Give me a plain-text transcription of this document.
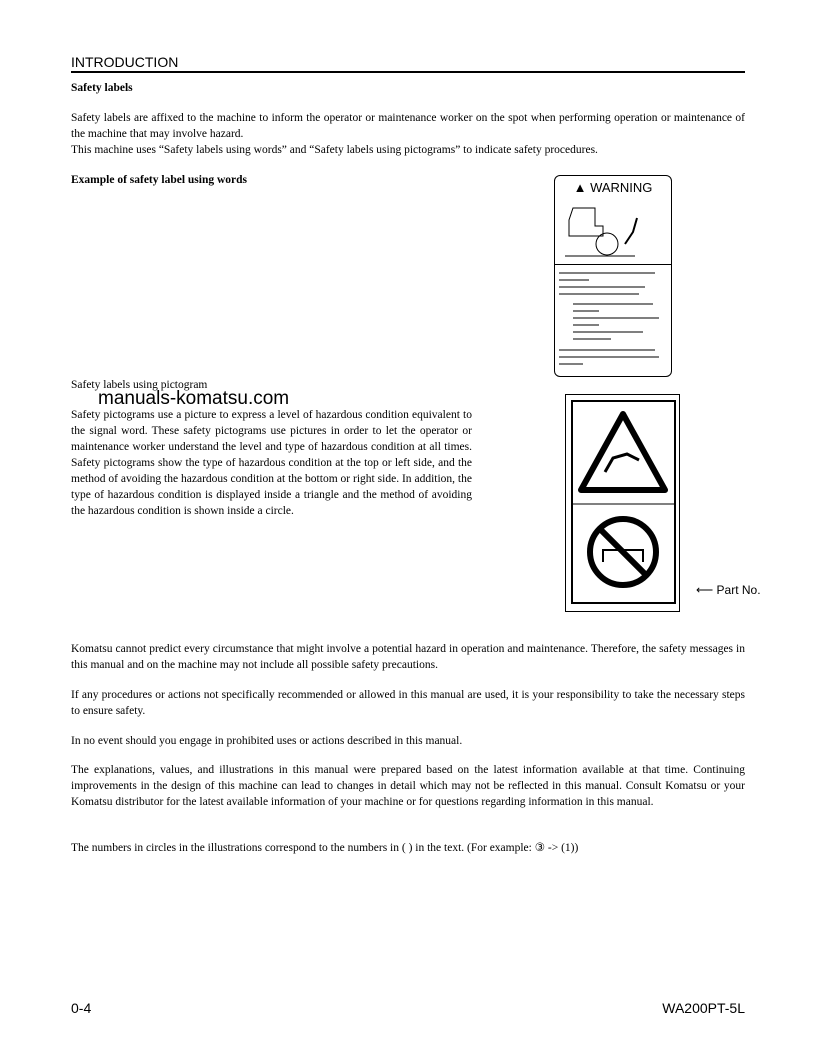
INTRODUCTION

Safety labels

Safety labels are affixed to the machine to inform the operator or maintenance worker on the spot when performing operation or maintenance of the machine that may involve hazard.

This machine uses “Safety labels using words” and “Safety labels using pictograms” to indicate safety procedures.

Example of safety label using words	▲ WARNING

Safety labels using pictogram

manuals-komatsu.com

Safety pictograms use a picture to express a level of hazardous condition equivalent to the signal word. These safety pictograms use pictures in order to let the operator or maintenance worker understand the level and type of hazardous condition at all times. Safety pictograms show the type of hazardous condition at the top or left side, and the method of avoiding the hazardous condition at the bottom or right side. In addition, the type of hazardous condition is displayed inside a triangle and the method of avoiding the hazardous condition is shown inside a circle.

⟵ Part No.

Komatsu cannot predict every circumstance that might involve a potential hazard in operation and maintenance. Therefore, the safety messages in this manual and on the machine may not include all possible safety precautions.

If any procedures or actions not specifically recommended or allowed in this manual are used, it is your responsibility to take the necessary steps to ensure safety.

In no event should you engage in prohibited uses or actions described in this manual.

The explanations, values, and illustrations in this manual were prepared based on the latest information available at that time. Continuing improvements in the design of this machine can lead to changes in detail which may not be reflected in this manual. Consult Komatsu or your Komatsu distributor for the latest available information of your machine or for questions regarding information in this manual.

The numbers in circles in the illustrations correspond to the numbers in ( ) in the text. (For example: ③ -> (1))

0-4	WA200PT-5L
